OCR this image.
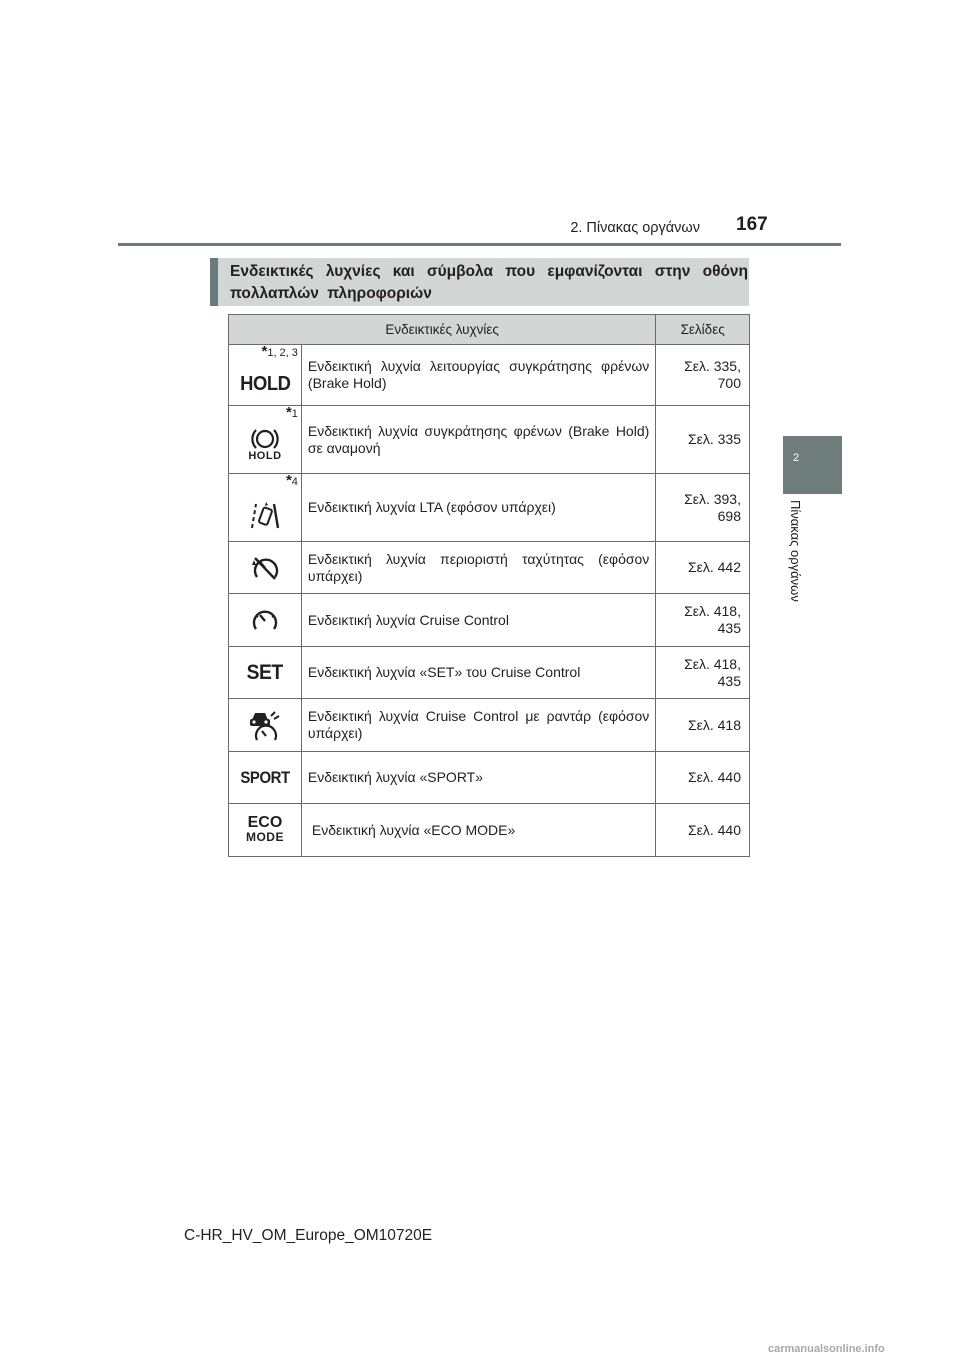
2. Πίνακας οργάνων 167
2
Πίνακας οργάνων
Ενδεικτικές λυχνίες και σύμβολα που εμφανίζονται στην οθόνη πολλαπλών πληροφοριών
Ενδεικτικές λυχνίες		Σελίδες

*1, 2, 3
HOLD	Ενδεικτική λυχνία λειτουργίας συγκράτησης φρένων (Brake Hold)	Σελ. 335, 700

*1
HOLD	Ενδεικτική λυχνία συγκράτησης φρένων (Brake Hold) σε αναμονή	Σελ. 335

*4	Ενδεικτική λυχνία LTA (εφόσον υπάρχει)	Σελ. 393, 698

	Ενδεικτική λυχνία περιοριστή ταχύτητας (εφόσον υπάρχει)	Σελ. 442

	Ενδεικτική λυχνία Cruise Control	Σελ. 418, 435

SET	Ενδεικτική λυχνία «SET» του Cruise Control	Σελ. 418, 435

	Ενδεικτική λυχνία Cruise Control με ραντάρ (εφόσον υπάρχει)	Σελ. 418

SPORT	Ενδεικτική λυχνία «SPORT»	Σελ. 440

ECO
MODE	Ενδεικτική λυχνία «ECO MODE»	Σελ. 440
C-HR_HV_OM_Europe_OM10720E
carmanualsonline.info
